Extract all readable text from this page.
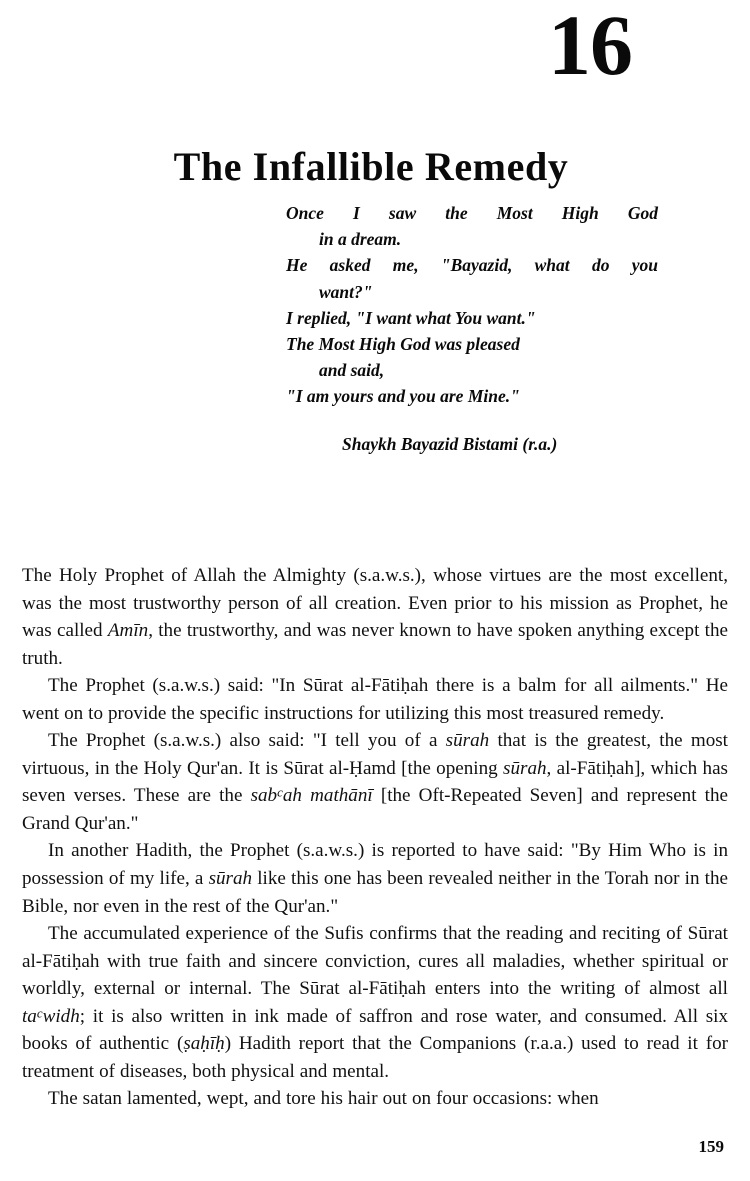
16
The Infallible Remedy
Once I saw the Most High God
in a dream.
He asked me, "Bayazid, what do you
want?"
I replied, "I want what You want."
The Most High God was pleased
and said,
"I am yours and you are Mine."
Shaykh Bayazid Bistami (r.a.)

The Holy Prophet of Allah the Almighty (s.a.w.s.), whose virtues are the most excellent, was the most trustworthy person of all creation. Even prior to his mission as Prophet, he was called Amīn, the trustworthy, and was never known to have spoken anything except the truth.

The Prophet (s.a.w.s.) said: "In Sūrat al-Fātiḥah there is a balm for all ailments." He went on to provide the specific instructions for utilizing this most treasured remedy.

The Prophet (s.a.w.s.) also said: "I tell you of a sūrah that is the greatest, the most virtuous, in the Holy Qur'an. It is Sūrat al-Ḥamd [the opening sūrah, al-Fātiḥah], which has seven verses. These are the sab$^c$ah mathānī [the Oft-Repeated Seven] and represent the Grand Qur'an."

In another Hadith, the Prophet (s.a.w.s.) is reported to have said: "By Him Who is in possession of my life, a sūrah like this one has been revealed neither in the Torah nor in the Bible, nor even in the rest of the Qur'an."

The accumulated experience of the Sufis confirms that the reading and reciting of Sūrat al-Fātiḥah with true faith and sincere conviction, cures all maladies, whether spiritual or worldly, external or internal. The Sūrat al-Fātiḥah enters into the writing of almost all $ta^cwidh$; it is also written in ink made of saffron and rose water, and consumed. All six books of authentic (ṣaḥīḥ) Hadith report that the Companions (r.a.a.) used to read it for treatment of diseases, both physical and mental.

The satan lamented, wept, and tore his hair out on four occasions: when

159
